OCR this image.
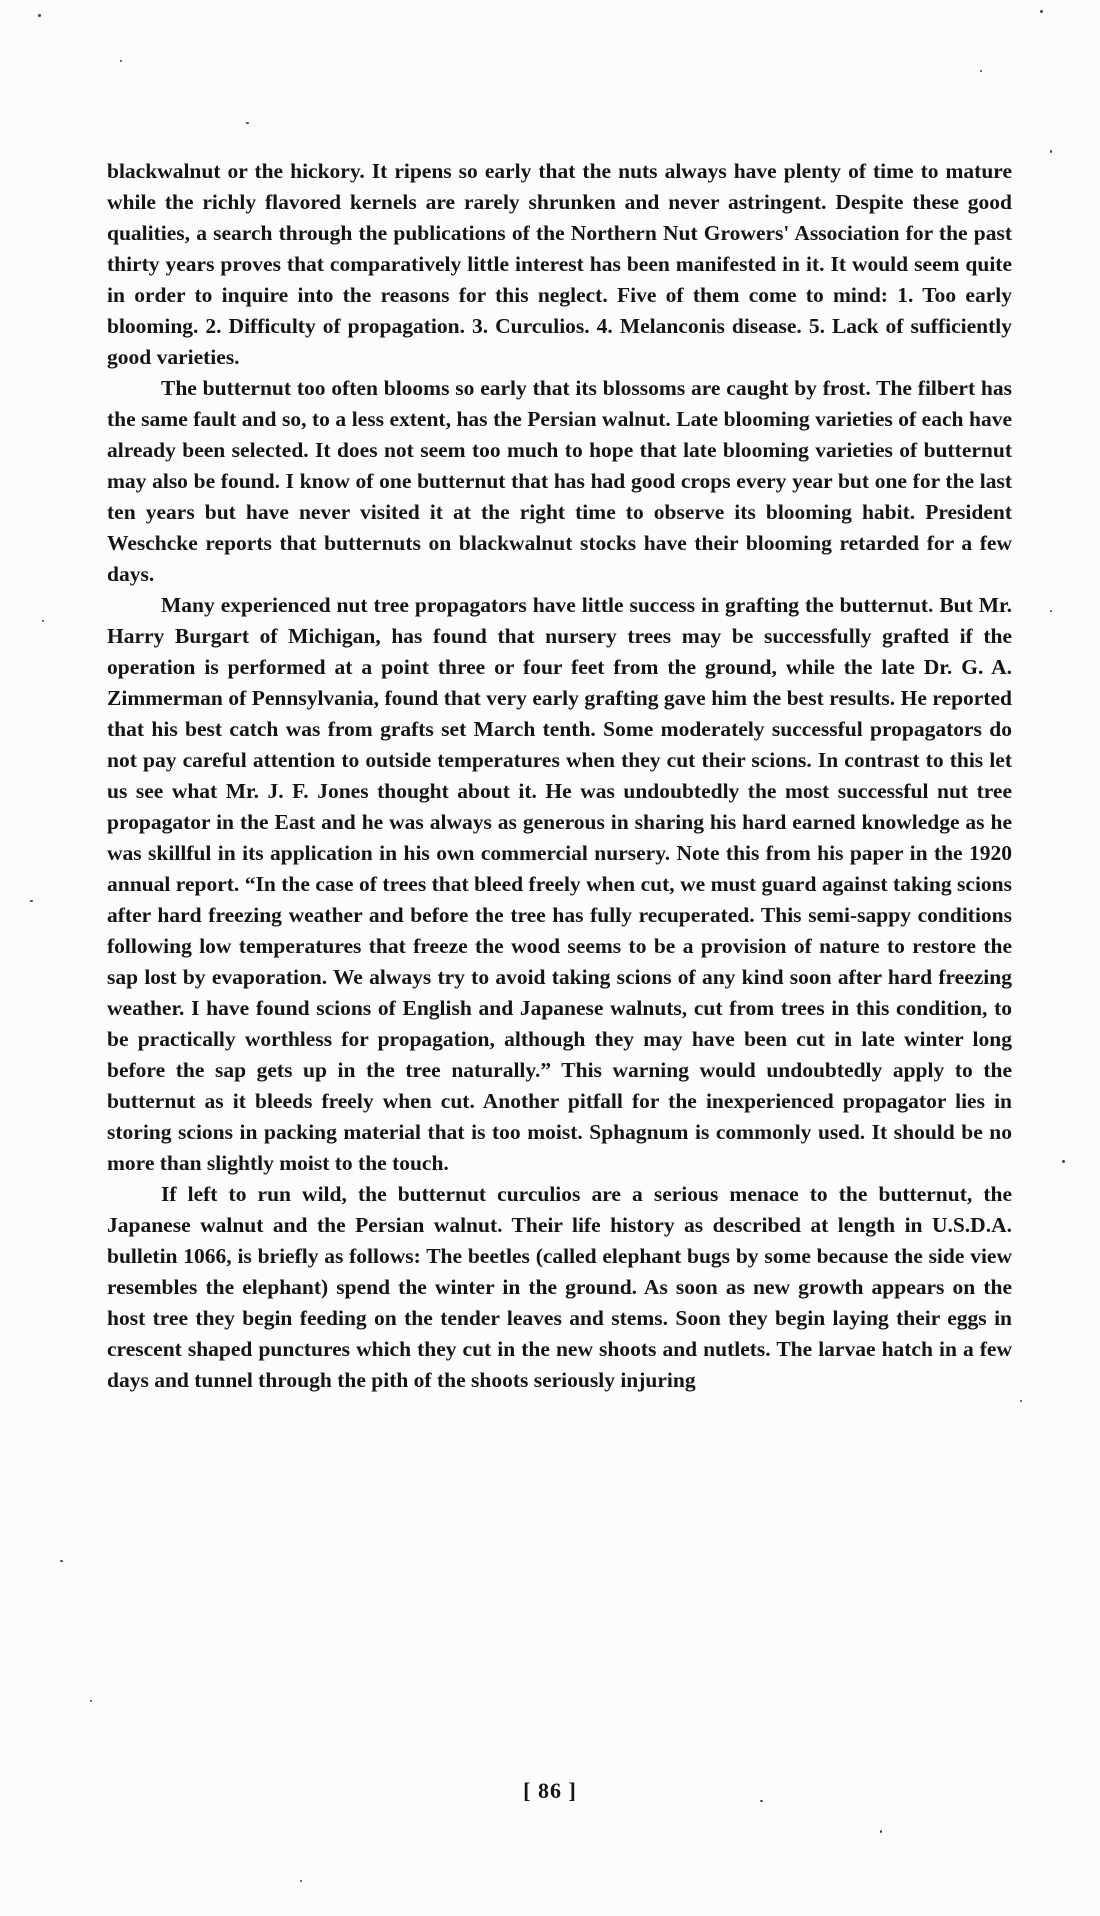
blackwalnut or the hickory. It ripens so early that the nuts always have plenty of time to mature while the richly flavored kernels are rarely shrunken and never astringent. Despite these good qualities, a search through the publications of the Northern Nut Growers' Association for the past thirty years proves that comparatively little interest has been manifested in it. It would seem quite in order to inquire into the reasons for this neglect. Five of them come to mind: 1. Too early blooming. 2. Difficulty of propagation. 3. Curculios. 4. Melanconis disease. 5. Lack of sufficiently good varieties.

The butternut too often blooms so early that its blossoms are caught by frost. The filbert has the same fault and so, to a less extent, has the Persian walnut. Late blooming varieties of each have already been selected. It does not seem too much to hope that late blooming varieties of butternut may also be found. I know of one butternut that has had good crops every year but one for the last ten years but have never visited it at the right time to observe its blooming habit. President Weschcke reports that butternuts on blackwalnut stocks have their blooming retarded for a few days.

Many experienced nut tree propagators have little success in grafting the butternut. But Mr. Harry Burgart of Michigan, has found that nursery trees may be successfully grafted if the operation is performed at a point three or four feet from the ground, while the late Dr. G. A. Zimmerman of Pennsylvania, found that very early grafting gave him the best results. He reported that his best catch was from grafts set March tenth. Some moderately successful propagators do not pay careful attention to outside temperatures when they cut their scions. In contrast to this let us see what Mr. J. F. Jones thought about it. He was undoubtedly the most successful nut tree propagator in the East and he was always as generous in sharing his hard earned knowledge as he was skillful in its application in his own commercial nursery. Note this from his paper in the 1920 annual report. “In the case of trees that bleed freely when cut, we must guard against taking scions after hard freezing weather and before the tree has fully recuperated. This semi-sappy conditions following low temperatures that freeze the wood seems to be a provision of nature to restore the sap lost by evaporation. We always try to avoid taking scions of any kind soon after hard freezing weather. I have found scions of English and Japanese walnuts, cut from trees in this condition, to be practically worthless for propagation, although they may have been cut in late winter long before the sap gets up in the tree naturally.” This warning would undoubtedly apply to the butternut as it bleeds freely when cut. Another pitfall for the inexperienced propagator lies in storing scions in packing material that is too moist. Sphagnum is commonly used. It should be no more than slightly moist to the touch.

If left to run wild, the butternut curculios are a serious menace to the butternut, the Japanese walnut and the Persian walnut. Their life history as described at length in U.S.D.A. bulletin 1066, is briefly as follows: The beetles (called elephant bugs by some because the side view resembles the elephant) spend the winter in the ground. As soon as new growth appears on the host tree they begin feeding on the tender leaves and stems. Soon they begin laying their eggs in crescent shaped punctures which they cut in the new shoots and nutlets. The larvae hatch in a few days and tunnel through the pith of the shoots seriously injuring

[ 86 ]
